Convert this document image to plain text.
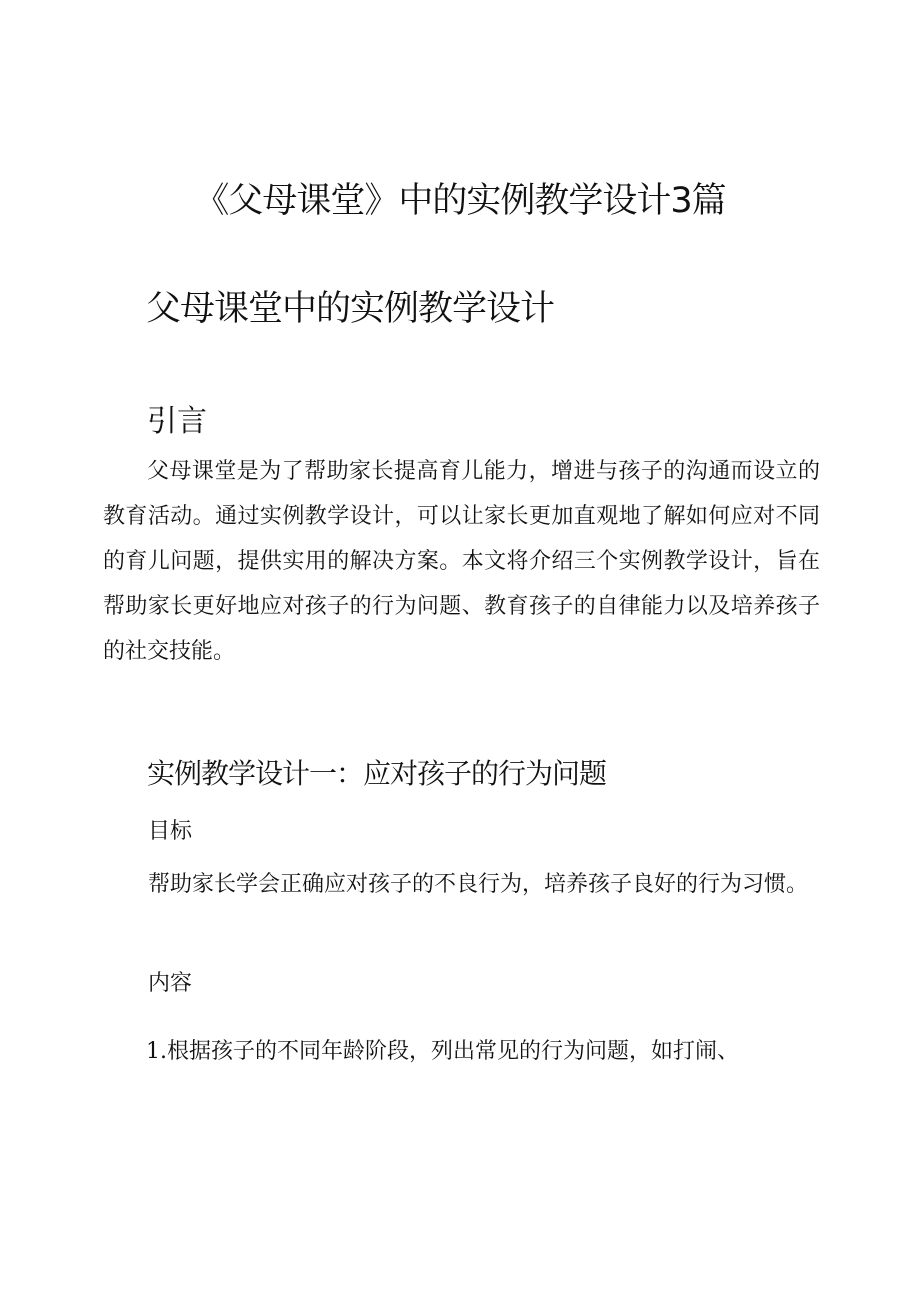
《父母课堂》中的实例教学设计3篇
父母课堂中的实例教学设计
引言

父母课堂是为了帮助家长提高育儿能力，增进与孩子的沟通而设立的教育活动。通过实例教学设计，可以让家长更加直观地了解如何应对不同的育儿问题，提供实用的解决方案。本文将介绍三个实例教学设计，旨在帮助家长更好地应对孩子的行为问题、教育孩子的自律能力以及培养孩子的社交技能。

实例教学设计一：应对孩子的行为问题
目标
帮助家长学会正确应对孩子的不良行为，培养孩子良好的行为习惯。
内容
1.根据孩子的不同年龄阶段，列出常见的行为问题，如打闹、
